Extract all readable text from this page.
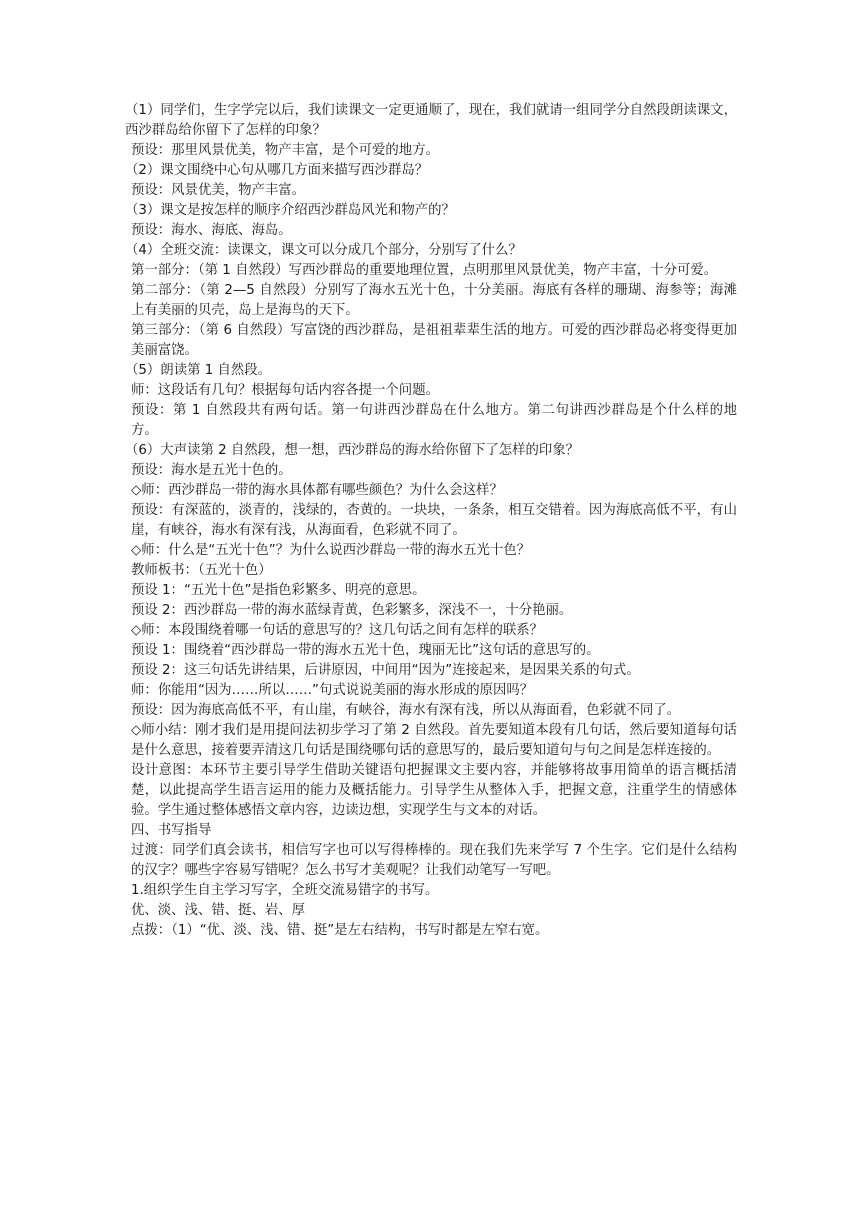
（1）同学们，生字学完以后，我们读课文一定更通顺了，现在，我们就请一组同学分自然段朗读课文，西沙群岛给你留下了怎样的印象？

预设：那里风景优美，物产丰富，是个可爱的地方。

（2）课文围绕中心句从哪几方面来描写西沙群岛？

预设：风景优美，物产丰富。

（3）课文是按怎样的顺序介绍西沙群岛风光和物产的？

预设：海水、海底、海岛。

（4）全班交流：读课文，课文可以分成几个部分，分别写了什么？

第一部分：（第 1 自然段）写西沙群岛的重要地理位置，点明那里风景优美，物产丰富，十分可爱。

第二部分：（第 2—5 自然段）分别写了海水五光十色，十分美丽。海底有各样的珊瑚、海参等；海滩上有美丽的贝壳，岛上是海鸟的天下。

第三部分：（第 6 自然段）写富饶的西沙群岛，是祖祖辈辈生活的地方。可爱的西沙群岛必将变得更加美丽富饶。

（5）朗读第 1 自然段。

师：这段话有几句？根据每句话内容各提一个问题。

预设：第 1 自然段共有两句话。第一句讲西沙群岛在什么地方。第二句讲西沙群岛是个什么样的地方。

（6）大声读第 2 自然段，想一想，西沙群岛的海水给你留下了怎样的印象？

预设：海水是五光十色的。

◇师：西沙群岛一带的海水具体都有哪些颜色？为什么会这样？

预设：有深蓝的，淡青的，浅绿的，杏黄的。一块块，一条条，相互交错着。因为海底高低不平，有山崖，有峡谷，海水有深有浅，从海面看，色彩就不同了。

◇师：什么是“五光十色”？为什么说西沙群岛一带的海水五光十色？

教师板书：（五光十色）

预设 1：“五光十色”是指色彩繁多、明亮的意思。

预设 2：西沙群岛一带的海水蓝绿青黄，色彩繁多，深浅不一，十分艳丽。

◇师：本段围绕着哪一句话的意思写的？这几句话之间有怎样的联系？

预设 1：围绕着“西沙群岛一带的海水五光十色，瑰丽无比”这句话的意思写的。

预设 2：这三句话先讲结果，后讲原因，中间用“因为”连接起来，是因果关系的句式。

师：你能用“因为……所以……”句式说说美丽的海水形成的原因吗？

预设：因为海底高低不平，有山崖，有峡谷，海水有深有浅，所以从海面看，色彩就不同了。

◇师小结：刚才我们是用提问法初步学习了第 2 自然段。首先要知道本段有几句话，然后要知道每句话是什么意思，接着要弄清这几句话是围绕哪句话的意思写的，最后要知道句与句之间是怎样连接的。

设计意图：本环节主要引导学生借助关键语句把握课文主要内容，并能够将故事用简单的语言概括清楚，以此提高学生语言运用的能力及概括能力。引导学生从整体入手，把握文意，注重学生的情感体验。学生通过整体感悟文章内容，边读边想，实现学生与文本的对话。

四、书写指导

过渡：同学们真会读书，相信写字也可以写得棒棒的。现在我们先来学写 7 个生字。它们是什么结构的汉字？哪些字容易写错呢？怎么书写才美观呢？让我们动笔写一写吧。

1.组织学生自主学习写字，全班交流易错字的书写。

优、淡、浅、错、挺、岩、厚

点拨：（1）“优、淡、浅、错、挺”是左右结构，书写时都是左窄右宽。
